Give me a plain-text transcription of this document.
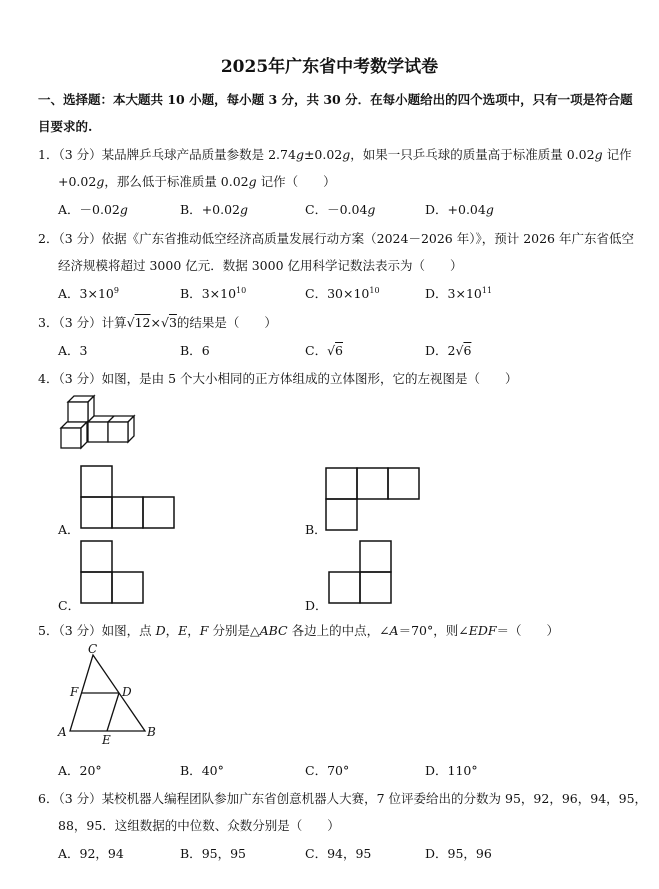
2025年广东省中考数学试卷
一、选择题：本大题共 10 小题，每小题 3 分，共 30 分．在每小题给出的四个选项中，只有一项是符合题
目要求的.
1．（3 分）某品牌乒乓球产品质量参数是 2.74g±0.02g，如果一只乒乓球的质量高于标准质量 0.02g 记作
+0.02g，那么低于标准质量 0.02g 记作（　　）
A．－0.02g	B．+0.02g	C．－0.04g	D．+0.04g
2．（3 分）依据《广东省推动低空经济高质量发展行动方案（2024－2026 年）》，预计 2026 年广东省低空
经济规模将超过 3000 亿元．数据 3000 亿用科学记数法表示为（　　）
A．$3\times 10^9$	B．$3\times 10^{10}$	C．$30\times 10^{10}$	D．$3\times 10^{11}$
3．（3 分）计算√12×√3的结果是（　　）
A．3	B．6	C．√6	D．2√6
4．（3 分）如图，是由 5 个大小相同的正方体组成的立体图形，它的左视图是（　　）
A．	B．
C．	D．
5．（3 分）如图，点 D，E，F 分别是△ABC 各边上的中点，∠A＝70°，则∠EDF＝（　　）
C
F	D
A
E
B
A．20°	B．40°	C．70°	D．110°
6．（3 分）某校机器人编程团队参加广东省创意机器人大赛，7 位评委给出的分数为 95，92，96，94，95，
88，95．这组数据的中位数、众数分别是（　　）
A．92，94	B．95，95	C．94，95	D．95，96
